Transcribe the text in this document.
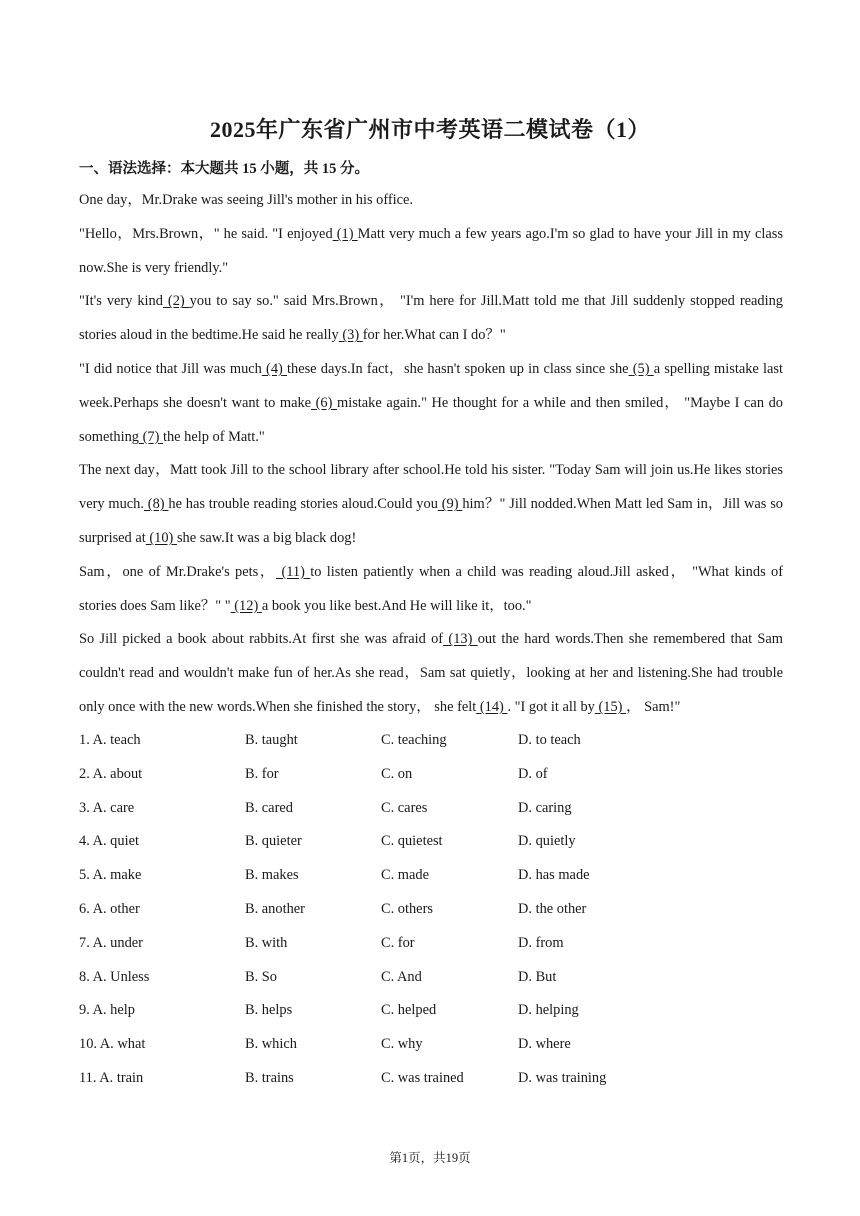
2025年广东省广州市中考英语二模试卷（1）
一、语法选择：本大题共 15 小题，共 15 分。

One day，Mr.Drake was seeing Jill's mother in his office.

"Hello，Mrs.Brown，" he said. "I enjoyed (1) Matt very much a few years ago.I'm so glad to have your Jill in my class now.She is very friendly."

"It's very kind (2) you to say so." said Mrs.Brown， "I'm here for Jill.Matt told me that Jill suddenly stopped reading stories aloud in the bedtime.He said he really (3) for her.What can I do？"

"I did notice that Jill was much (4) these days.In fact，she hasn't spoken up in class since she (5) a spelling mistake last week.Perhaps she doesn't want to make (6) mistake again." He thought for a while and then smiled， "Maybe I can do something (7) the help of Matt."

The next day，Matt took Jill to the school library after school.He told his sister. "Today Sam will join us.He likes stories very much. (8) he has trouble reading stories aloud.Could you (9) him？" Jill nodded.When Matt led Sam in，Jill was so surprised at (10) she saw.It was a big black dog!

Sam，one of Mr.Drake's pets， (11) to listen patiently when a child was reading aloud.Jill asked， "What kinds of stories does Sam like？" " (12) a book you like best.And He will like it，too."

So Jill picked a book about rabbits.At first she was afraid of (13) out the hard words.Then she remembered that Sam couldn't read and wouldn't make fun of her.As she read，Sam sat quietly，looking at her and listening.She had trouble only once with the new words.When she finished the story， she felt (14) . "I got it all by (15) ， Sam!"

1. A. teach	B. taught	C. teaching	D. to teach
2. A. about	B. for	C. on	D. of
3. A. care	B. cared	C. cares	D. caring
4. A. quiet	B. quieter	C. quietest	D. quietly
5. A. make	B. makes	C. made	D. has made
6. A. other	B. another	C. others	D. the other
7. A. under	B. with	C. for	D. from
8. A. Unless	B. So	C. And	D. But
9. A. help	B. helps	C. helped	D. helping
10. A. what	B. which	C. why	D. where
11. A. train	B. trains	C. was trained	D. was training
第1页，共19页
